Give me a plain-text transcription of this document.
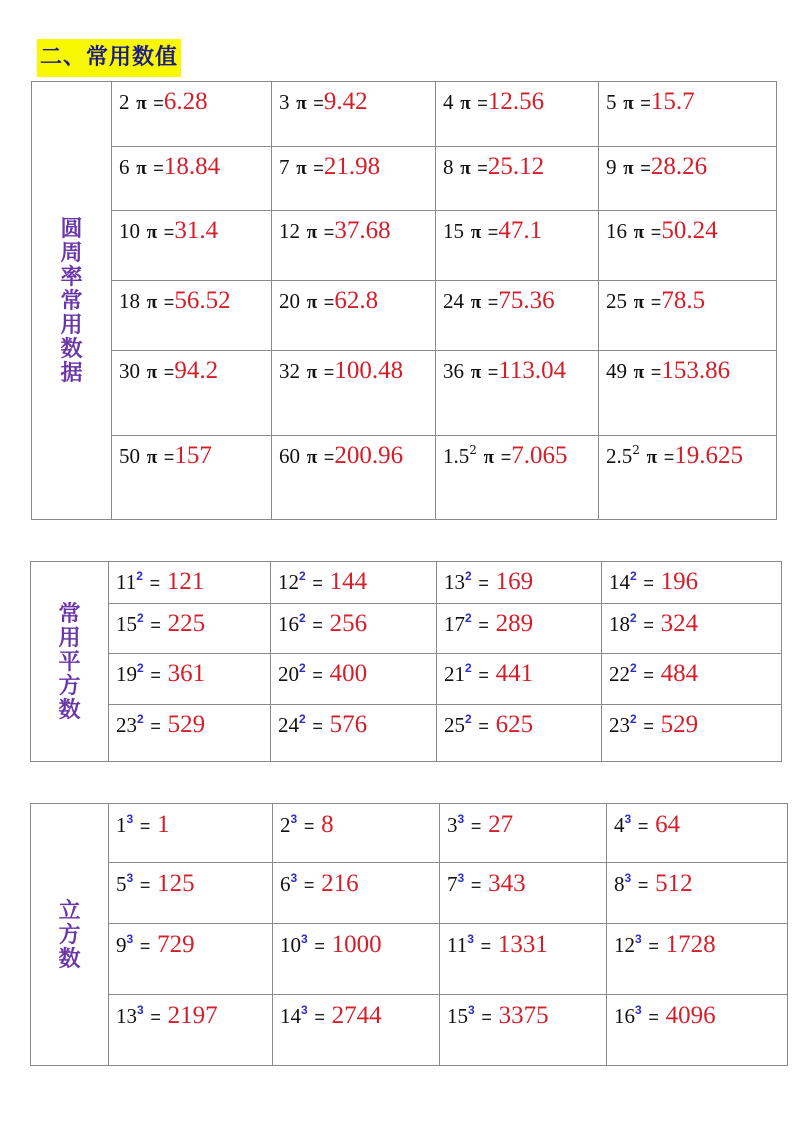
二、常用数值
圆周率常用数据	2 π =6.28	3 π =9.42	4 π =12.56	5 π =15.7

	6 π =18.84	7 π =21.98	8 π =25.12	9 π =28.26

	10 π =31.4	12 π =37.68	15 π =47.1	16 π =50.24

	18 π =56.52	20 π =62.8	24 π =75.36	25 π =78.5

	30 π =94.2	32 π =100.48	36 π =113.04	49 π =153.86

	50 π =157	60 π =200.96	$1.5^2$ π =7.065	$2.5^2$ π =19.625
常用平方数	$11^2 = 121$	$12^2 = 144$	$13^2 = 169$	$14^2 = 196$

	$15^2 = 225$	$16^2 = 256$	$17^2 = 289$	$18^2 = 324$

	$19^2 = 361$	$20^2 = 400$	$21^2 = 441$	$22^2 = 484$

	$23^2 = 529$	$24^2 = 576$	$25^2 = 625$	$23^2 = 529$
立方数	$1^3 = 1$	$2^3 = 8$	$3^3 = 27$	$4^3 = 64$

	$5^3 = 125$	$6^3 = 216$	$7^3 = 343$	$8^3 = 512$

	$9^3 = 729$	$10^3 = 1000$	$11^3 = 1331$	$12^3 = 1728$

	$13^3 = 2197$	$14^3 = 2744$	$15^3 = 3375$	$16^3 = 4096$
